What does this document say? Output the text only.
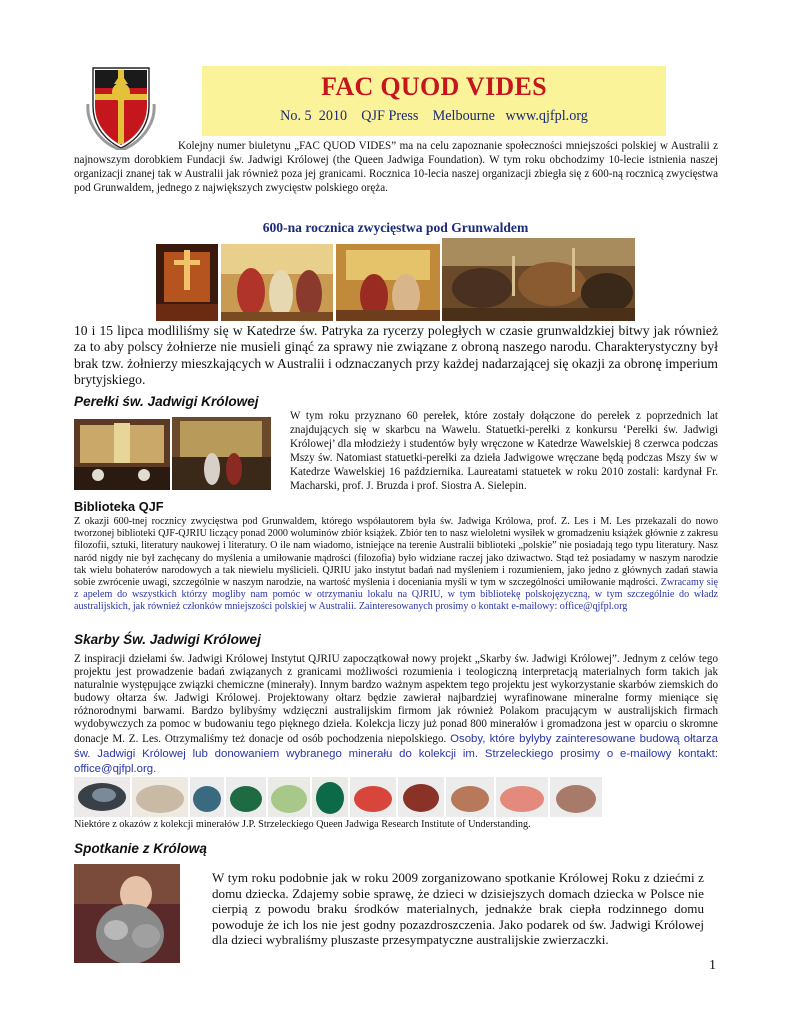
FAC QUOD VIDES
No. 5  2010    QJF Press    Melbourne   www.qjfpl.org

Kolejny numer biuletynu „FAC QUOD VIDES” ma na celu zapoznanie społeczności mniejszości polskiej w Australii z najnowszym dorobkiem Fundacji św. Jadwigi Królowej (the Queen Jadwiga Foundation). W tym roku obchodzimy 10-lecie istnienia naszej organizacji znanej tak w Australii jak również poza jej granicami. Rocznica 10-lecia naszej organizacji zbiegła się z 600-ną rocznicą zwycięstwa pod Grunwaldem, jednego z największych zwycięstw polskiego oręża.

600-na rocznica zwycięstwa pod Grunwaldem

10 i 15 lipca modliliśmy się w Katedrze św. Patryka za rycerzy poległych w czasie grunwaldzkiej bitwy jak również za to aby polscy żołnierze nie musieli ginąć za sprawy nie związane z obroną naszego narodu. Charakterystyczny był brak tzw. żołnierzy mieszkających w Australii i odznaczanych przy każdej nadarzającej się okazji za obronę imperium brytyjskiego.

Perełki św. Jadwigi Królowej

W tym roku przyznano 60 perełek, które zostały dołączone do perełek z poprzednich lat znajdujących się w skarbcu na Wawelu. Statuetki-perełki z konkursu ‘Perełki św. Jadwigi Królowej’ dla młodzieży i studentów były wręczone w Katedrze Wawelskiej 8 czerwca podczas Mszy św. Natomiast statuetki-perełki za dzieła Jadwigowe wręczane będą podczas Mszy św w Katedrze Wawelskiej 16 października. Laureatami statuetek w roku 2010 zostali: kardynał Fr. Macharski, prof. J. Bruzda i prof. Siostra A. Sielepin.

Biblioteka QJF

Z okazji 600-tnej rocznicy zwycięstwa pod Grunwaldem, którego współautorem była św. Jadwiga Królowa, prof. Z. Les i M. Les przekazali do nowo tworzonej biblioteki QJF-QJRIU liczący ponad 2000 woluminów zbiór książek. Zbiór ten to nasz wieloletni wysiłek w gromadzeniu książek głównie z zakresu filozofii, sztuki, literatury naukowej i literatury. O ile nam wiadomo, istniejące na terenie Australii biblioteki „polskie” nie posiadają tego typu literatury. Nasz naród nigdy nie był zachęcany do myślenia a umiłowanie mądrości (filozofia) było widziane raczej jako dziwactwo. Stąd też posiadamy w naszym narodzie tak wielu bohaterów narodowych a tak niewielu myślicieli. QJRIU jako instytut badań nad myśleniem i rozumieniem, jako jedno z głównych zadań stawia sobie zwrócenie uwagi, szczególnie w naszym narodzie, na wartość myślenia i doceniania myśli w tym w szczególności umiłowanie mądrości. Zwracamy się z apelem do wszystkich którzy mogliby nam pomóc w otrzymaniu lokalu na QJRIU, w tym bibliotekę polskojęzyczną, w tym szczególnie do władz australijskich, jak również członków mniejszości polskiej w Australii. Zainteresowanych prosimy o kontakt e-mailowy: office@qjfpl.org

Skarby Św. Jadwigi Królowej

Z inspiracji dziełami św. Jadwigi Królowej Instytut QJRIU zapoczątkował nowy projekt „Skarby św. Jadwigi Królowej”. Jednym z celów tego projektu jest prowadzenie badań związanych z granicami możliwości rozumienia i teologiczną interpretacją materialnych form takich jak naturalnie występujące związki chemiczne (minerały). Innym bardzo ważnym aspektem tego projektu jest wykorzystanie skarbów ziemskich do budowy ołtarza św. Jadwigi Królowej. Projektowany ołtarz będzie zawierał najbardziej wyrafinowane mineralne formy mieniące się różnorodnymi barwami. Bardzo bylibyśmy wdzięczni australijskim firmom jak również Polakom pracującym w australijskich firmach wydobywczych za pomoc w budowaniu tego pięknego dzieła. Kolekcja liczy już ponad 800 minerałów i gromadzona jest w oparciu o skromne donacje M. Z. Les. Otrzymaliśmy też donacje od osób pochodzenia niepolskiego. Osoby, które bylyby zainteresowane budową ołtarza św. Jadwigi Królowej lub donowaniem wybranego minerału do kolekcji im. Strzeleckiego prosimy o e-mailowy kontakt: office@qjfpl.org.

Niektóre z okazów z kolekcji minerałów J.P. Strzeleckiego Queen Jadwiga Research Institute of Understanding.
Spotkanie z Królową

W tym roku podobnie jak w roku 2009 zorganizowano spotkanie Królowej Roku z dziećmi z domu dziecka. Zdajemy sobie sprawę, że dzieci w dzisiejszych domach dziecka w Polsce nie cierpią z powodu braku środków materialnych, jednakże brak ciepła rodzinnego domu powoduje że ich los nie jest godny pozazdroszczenia. Jako podarek od św. Jadwigi Królowej dla dzieci wybraliśmy pluszaste przesympatyczne australijskie zwierzaczki.

1
